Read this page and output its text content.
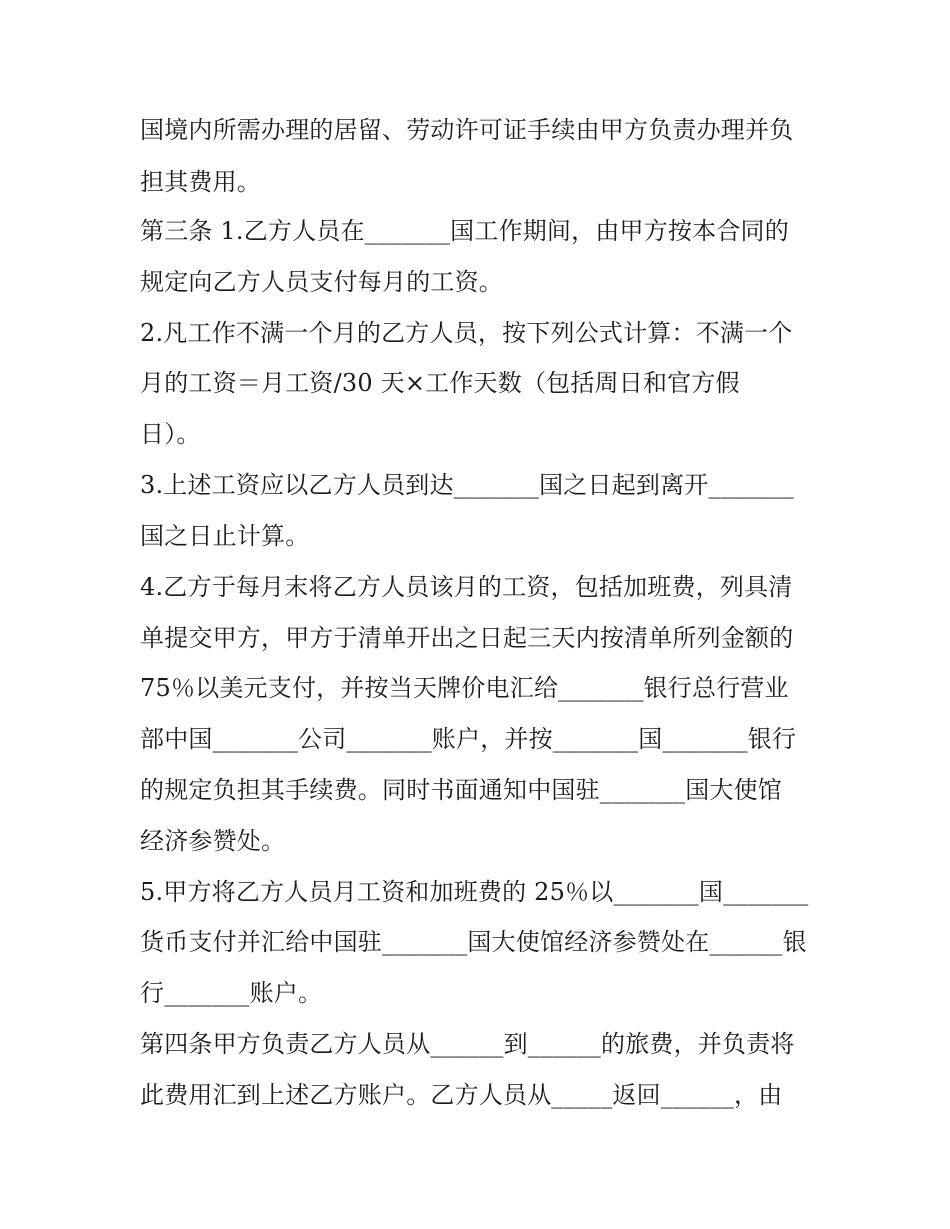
国境内所需办理的居留、劳动许可证手续由甲方负责办理并负
担其费用。
第三条 1.乙方人员在_______国工作期间，由甲方按本合同的
规定向乙方人员支付每月的工资。
2.凡工作不满一个月的乙方人员，按下列公式计算：不满一个
月的工资＝月工资/30 天×工作天数（包括周日和官方假
日）。
3.上述工资应以乙方人员到达_______国之日起到离开_______
国之日止计算。
4.乙方于每月末将乙方人员该月的工资，包括加班费，列具清
单提交甲方，甲方于清单开出之日起三天内按清单所列金额的
75％以美元支付，并按当天牌价电汇给_______银行总行营业
部中国_______公司_______账户，并按_______国_______银行
的规定负担其手续费。同时书面通知中国驻_______国大使馆
经济参赞处。
5.甲方将乙方人员月工资和加班费的 25％以_______国_______
货币支付并汇给中国驻_______国大使馆经济参赞处在______银
行_______账户。
第四条甲方负责乙方人员从______到______的旅费，并负责将
此费用汇到上述乙方账户。乙方人员从_____返回______，由
